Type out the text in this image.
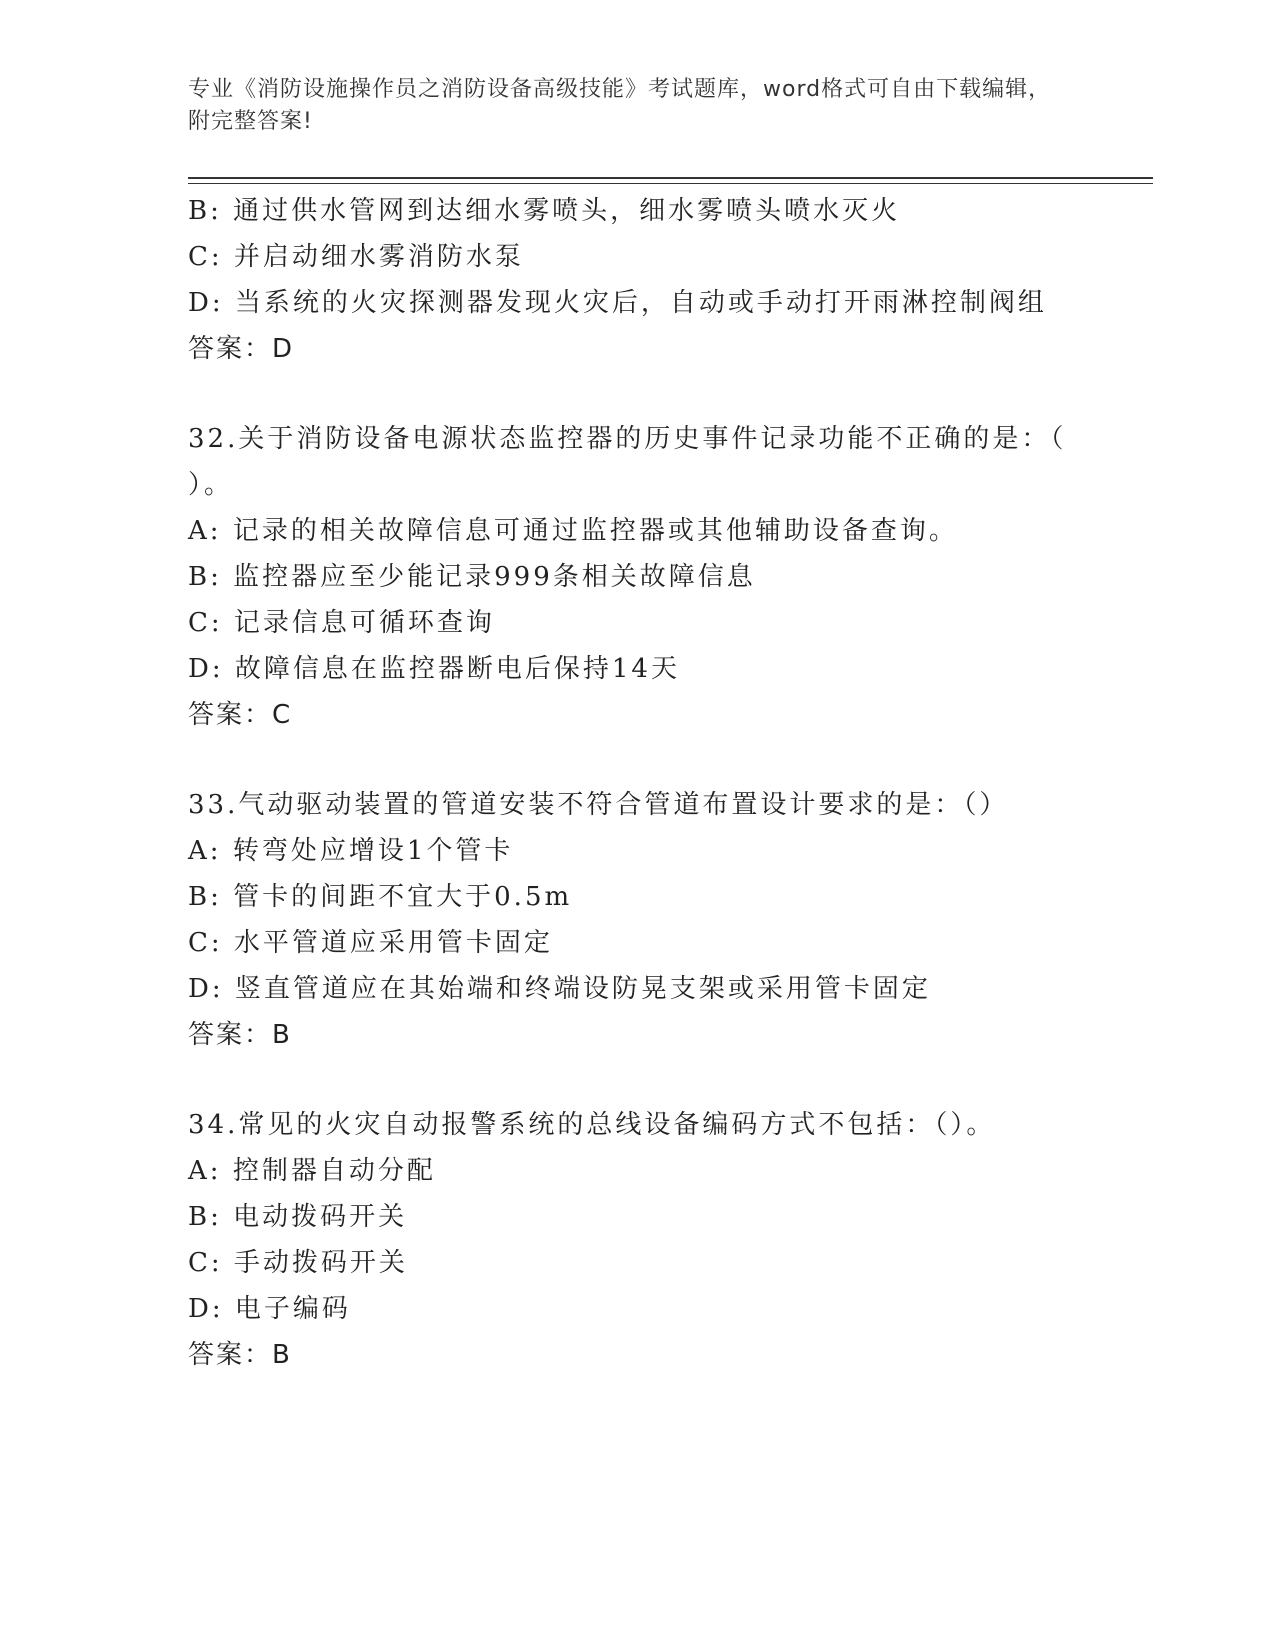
专业《消防设施操作员之消防设备高级技能》考试题库，word格式可自由下载编辑，附完整答案!

B: 通过供水管网到达细水雾喷头，细水雾喷头喷水灭火

C: 并启动细水雾消防水泵

D: 当系统的火灾探测器发现火灾后，自动或手动打开雨淋控制阀组

答案：D

32.关于消防设备电源状态监控器的历史事件记录功能不正确的是：（

）。

A: 记录的相关故障信息可通过监控器或其他辅助设备查询。

B: 监控器应至少能记录999条相关故障信息

C: 记录信息可循环查询

D: 故障信息在监控器断电后保持14天

答案：C

33.气动驱动装置的管道安装不符合管道布置设计要求的是：（）

A: 转弯处应增设1个管卡

B: 管卡的间距不宜大于0.5m

C: 水平管道应采用管卡固定

D: 竖直管道应在其始端和终端设防晃支架或采用管卡固定

答案：B

34.常见的火灾自动报警系统的总线设备编码方式不包括：（）。

A: 控制器自动分配

B: 电动拨码开关

C: 手动拨码开关

D: 电子编码

答案：B
